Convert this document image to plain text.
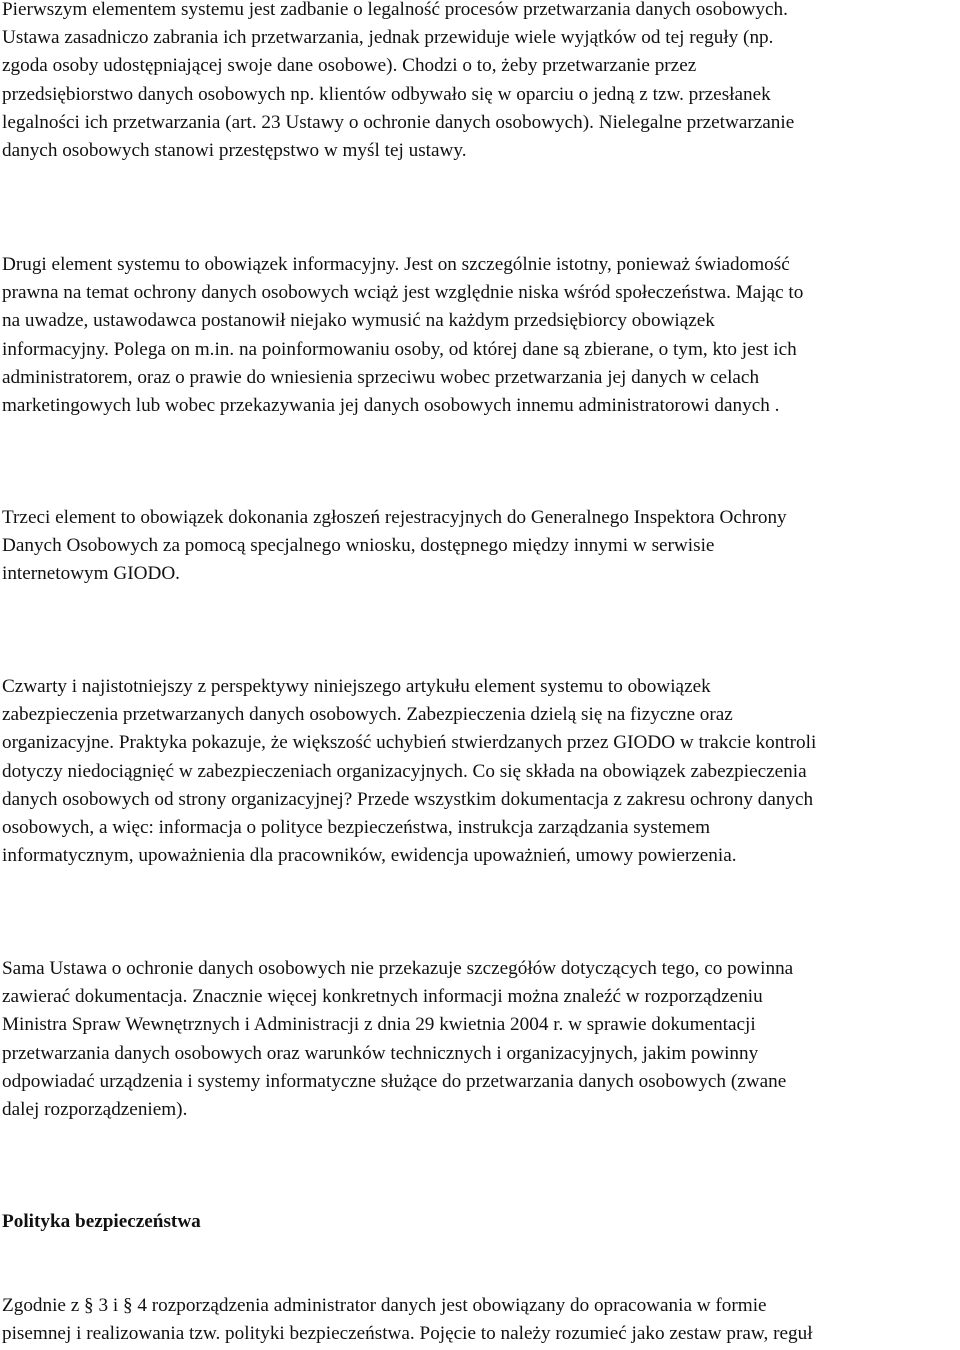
Pierwszym elementem systemu jest zadbanie o legalność procesów przetwarzania danych osobowych.
Ustawa zasadniczo zabrania ich przetwarzania, jednak przewiduje wiele wyjątków od tej reguły (np.
zgoda osoby udostępniającej swoje dane osobowe). Chodzi o to, żeby przetwarzanie przez
przedsiębiorstwo danych osobowych np. klientów odbywało się w oparciu o jedną z tzw. przesłanek
legalności ich przetwarzania (art. 23 Ustawy o ochronie danych osobowych). Nielegalne przetwarzanie
danych osobowych stanowi przestępstwo w myśl tej ustawy.

Drugi element systemu to obowiązek informacyjny. Jest on szczególnie istotny, ponieważ świadomość
prawna na temat ochrony danych osobowych wciąż jest względnie niska wśród społeczeństwa. Mając to
na uwadze, ustawodawca postanowił niejako wymusić na każdym przedsiębiorcy obowiązek
informacyjny. Polega on m.in. na poinformowaniu osoby, od której dane są zbierane, o tym, kto jest ich
administratorem, oraz o prawie do wniesienia sprzeciwu wobec przetwarzania jej danych w celach
marketingowych lub wobec przekazywania jej danych osobowych innemu administratorowi danych .

Trzeci element to obowiązek dokonania zgłoszeń rejestracyjnych do Generalnego Inspektora Ochrony
Danych Osobowych za pomocą specjalnego wniosku, dostępnego między innymi w serwisie
internetowym GIODO.

Czwarty i najistotniejszy z perspektywy niniejszego artykułu element systemu to obowiązek
zabezpieczenia przetwarzanych danych osobowych. Zabezpieczenia dzielą się na fizyczne oraz
organizacyjne. Praktyka pokazuje, że większość uchybień stwierdzanych przez GIODO w trakcie kontroli
dotyczy niedociągnięć w zabezpieczeniach organizacyjnych. Co się składa na obowiązek zabezpieczenia
danych osobowych od strony organizacyjnej? Przede wszystkim dokumentacja z zakresu ochrony danych
osobowych, a więc: informacja o polityce bezpieczeństwa, instrukcja zarządzania systemem
informatycznym, upoważnienia dla pracowników, ewidencja upoważnień, umowy powierzenia.

Sama Ustawa o ochronie danych osobowych nie przekazuje szczegółów dotyczących tego, co powinna
zawierać dokumentacja. Znacznie więcej konkretnych informacji można znaleźć w rozporządzeniu
Ministra Spraw Wewnętrznych i Administracji z dnia 29 kwietnia 2004 r. w sprawie dokumentacji
przetwarzania danych osobowych oraz warunków technicznych i organizacyjnych, jakim powinny
odpowiadać urządzenia i systemy informatyczne służące do przetwarzania danych osobowych (zwane
dalej rozporządzeniem).

Polityka bezpieczeństwa

Zgodnie z § 3 i § 4 rozporządzenia administrator danych jest obowiązany do opracowania w formie
pisemnej i realizowania tzw. polityki bezpieczeństwa. Pojęcie to należy rozumieć jako zestaw praw, reguł
